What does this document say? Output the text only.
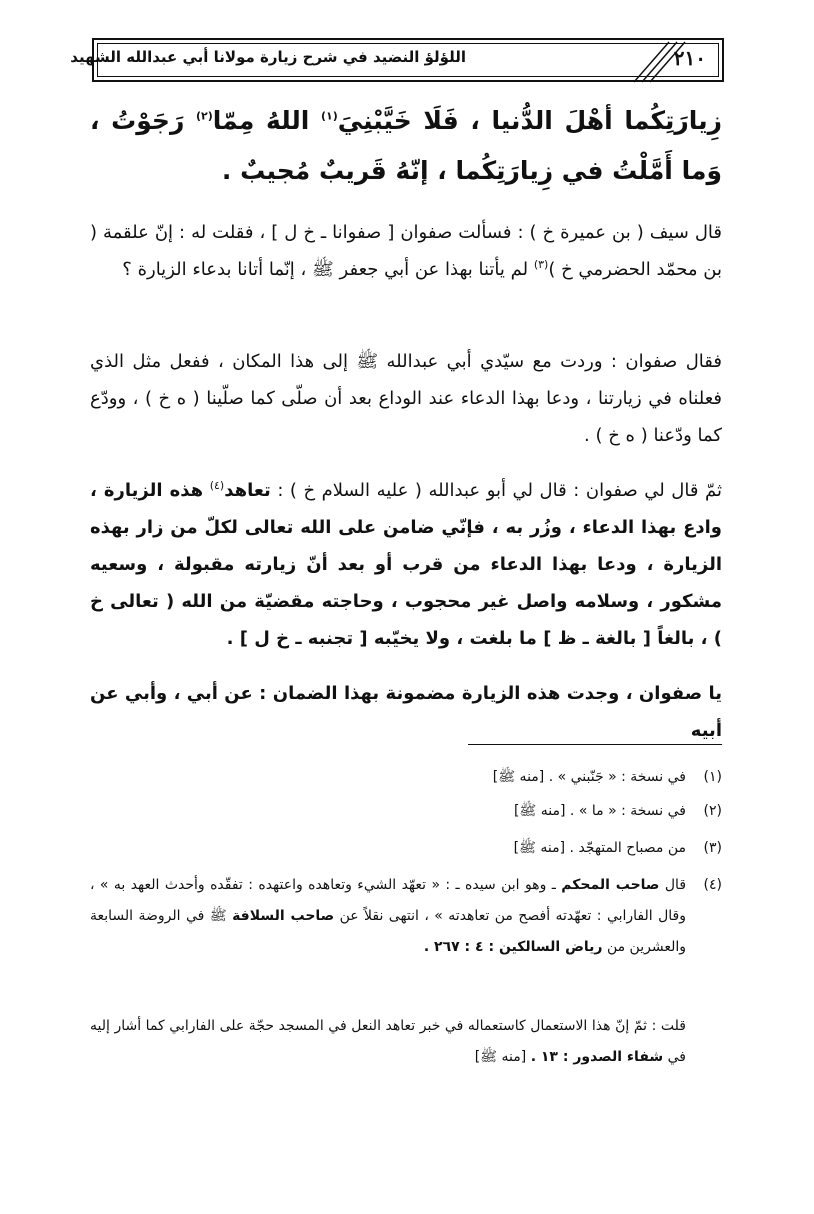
٢١٠
اللؤلؤ النضيد في شرح زيارة مولانا أبي عبدالله الشهيد
زِيارَتِكُما أهْلَ الدُّنيا ، فَلَا خَيَّبْنِيَ$^{(١)}$ اللهُ مِمّا$^{(٢)}$ رَجَوْتُ ، وَما أَمَّلْتُ في زِيارَتِكُما ، إنّهُ قَريبٌ مُجيبٌ .
قال سيف ( بن عميرة خ ) : فسألت صفوان [ صفوانا ـ خ ل ] ، فقلت له : إنّ علقمة ( بن محمّد الحضرمي خ )$^{(٣)}$ لم يأتنا بهذا عن أبي جعفر ﷺ ، إنّما أتانا بدعاء الزيارة ؟
فقال صفوان : وردت مع سيّدي أبي عبدالله ﷺ إلى هذا المكان ، ففعل مثل الذي فعلناه في زيارتنا ، ودعا بهذا الدعاء عند الوداع بعد أن صلّى كما صلّينا ( ه خ ) ، وودّع كما ودّعنا ( ه خ ) .
ثمّ قال لي صفوان : قال لي أبو عبدالله ( عليه السلام خ ) : تعاهد$^{(٤)}$ هذه الزيارة ، وادع بهذا الدعاء ، وزُر به ، فإنّي ضامن على الله تعالى لكلّ من زار بهذه الزيارة ، ودعا بهذا الدعاء من قرب أو بعد أنّ زيارته مقبولة ، وسعيه مشكور ، وسلامه واصل غير محجوب ، وحاجته مقضيّة من الله ( تعالى خ ) ، بالغاً [ بالغة ـ ظ ] ما بلغت ، ولا يخيّبه [ تجنبه ـ خ ل ] .
يا صفوان ، وجدت هذه الزيارة مضمونة بهذا الضمان : عن أبي ، وأبي عن أبيه
(١)في نسخة : « جَنّبني » . [منه ﷺ]
(٢)في نسخة : « ما » . [منه ﷺ]
(٣)من مصباح المتهجّد . [منه ﷺ]
(٤)
قال صاحب المحكم ـ وهو ابن سيده ـ : « تعهّد الشيء وتعاهده واعتهده : تفقّده وأحدث العهد به » ، وقال الفارابي : تعهّدته أفصح من تعاهدته » ، انتهى نقلاً عن صاحب السلافة ﷺ في الروضة السابعة والعشرين من رياض السالكين : ٤ : ٢٦٧ .
قلت : ثمّ إنّ هذا الاستعمال كاستعماله في خبر تعاهد النعل في المسجد حجّة على الفارابي كما أشار إليه في شفاء الصدور : ١٣ . [منه ﷺ]
